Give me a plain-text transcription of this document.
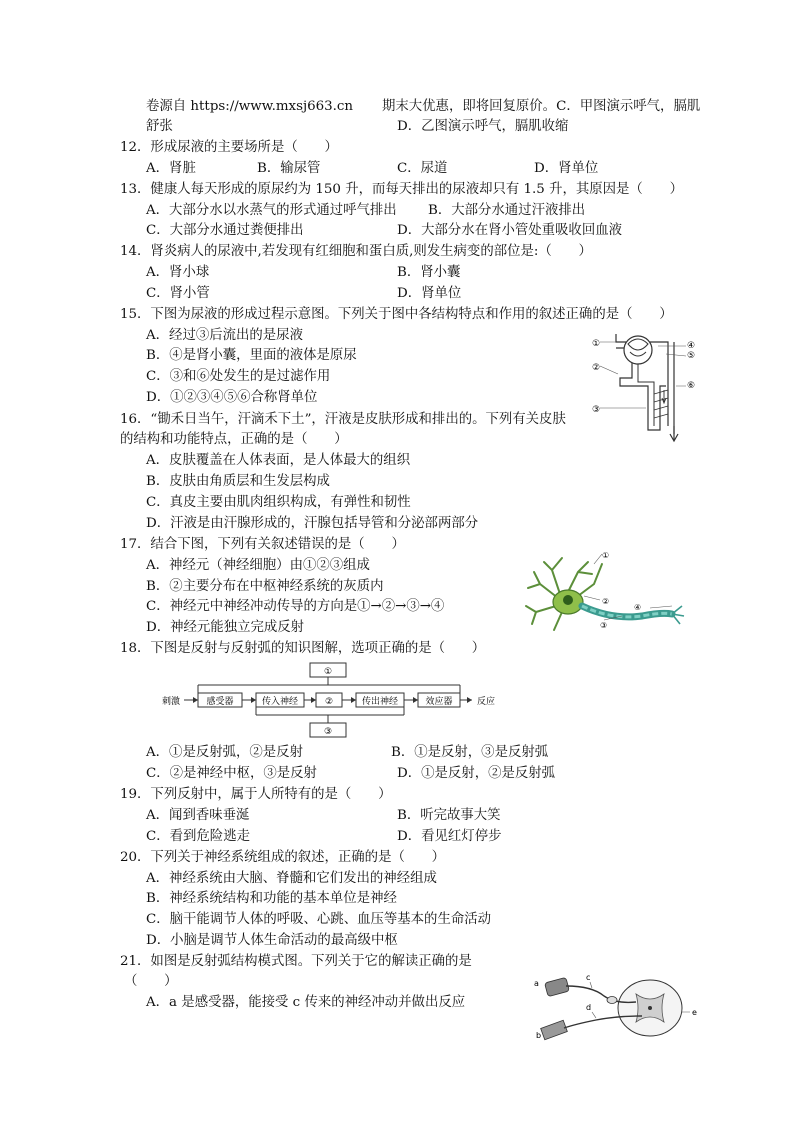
卷源自 https://www.mxsj663.cn 期末大优惠，即将回复原价。C．甲图演示呼气，膈肌
舒张	D．乙图演示呼气，膈肌收缩
12．形成尿液的主要场所是（　　）
A．肾脏	B．输尿管	C．尿道	D．肾单位
13．健康人每天形成的原尿约为 150 升，而每天排出的尿液却只有 1.5 升，其原因是（　　）
A．大部分水以水蒸气的形式通过呼气排出 B．大部分水通过汗液排出
C．大部分水通过粪便排出	D．大部分水在肾小管处重吸收回血液
14．肾炎病人的尿液中,若发现有红细胞和蛋白质,则发生病变的部位是:（　　）
A．肾小球	B．肾小囊
C．肾小管	D．肾单位
15．下图为尿液的形成过程示意图。下列关于图中各结构特点和作用的叙述正确的是（　　）
A．经过③后流出的是尿液
B．④是肾小囊，里面的液体是原尿
C．③和⑥处发生的是过滤作用
D．①②③④⑤⑥合称肾单位
①
②
③
④
⑤
⑥
16．“锄禾日当午，汗滴禾下土”，汗液是皮肤形成和排出的。下列有关皮肤
的结构和功能特点，正确的是（　　）
A．皮肤覆盖在人体表面，是人体最大的组织
B．皮肤由角质层和生发层构成
C．真皮主要由肌肉组织构成，有弹性和韧性
D．汗液是由汗腺形成的，汗腺包括导管和分泌部两部分
17．结合下图，下列有关叙述错误的是（　　）
A．神经元（神经细胞）由①②③组成
B．②主要分布在中枢神经系统的灰质内
C．神经元中神经冲动传导的方向是①→②→③→④
D．神经元能独立完成反射
①
②
③
④
18．下图是反射与反射弧的知识图解，选项正确的是（　　）
①
③
刺激	感受器	传入神经	②	传出神经	效应器	反应
A．①是反射弧，②是反射	B．①是反射，③是反射弧
C．②是神经中枢，③是反射	D．①是反射，②是反射弧
19．下列反射中，属于人所特有的是（　　）
A．闻到香味垂涎	B．听完故事大笑
C．看到危险逃走	D．看见红灯停步
20．下列关于神经系统组成的叙述，正确的是（　　）
A．神经系统由大脑、脊髓和它们发出的神经组成
B．神经系统结构和功能的基本单位是神经
C．脑干能调节人体的呼吸、心跳、血压等基本的生命活动
D．小脑是调节人体生命活动的最高级中枢
21．如图是反射弧结构模式图。下列关于它的解读正确的是
（　　）
A．a 是感受器，能接受 c 传来的神经冲动并做出反应
a
b
c
d
e
